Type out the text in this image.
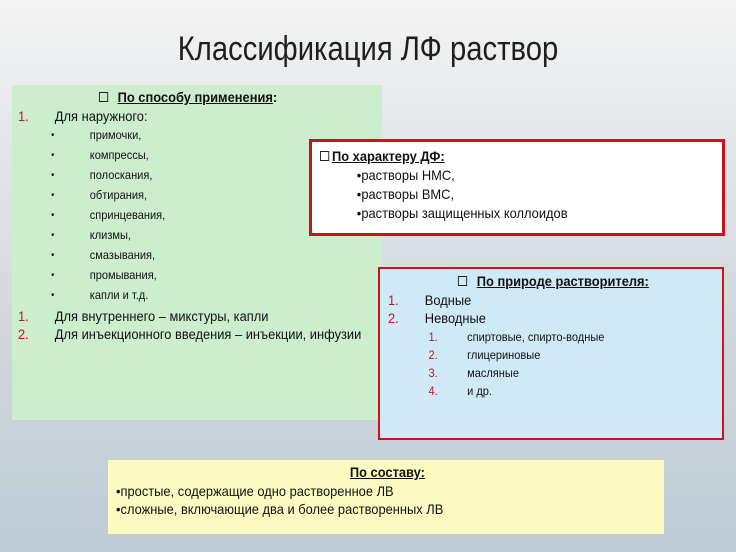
Классификация ЛФ раствор
По способу применения:
1.	Для наружного:
•	примочки,
•	компрессы,
•	полоскания,
•	обтирания,
•	спринцевания,
•	клизмы,
•	смазывания,
•	промывания,
•	капли и т.д.
1.	Для внутреннего – микстуры, капли
2.	Для инъекционного введения – инъекции, инфузии
По характеру ДФ:
•растворы НМС,
•растворы ВМС,
•растворы защищенных коллоидов
По природе растворителя:
1.	Водные
2.	Неводные
1.	спиртовые, спирто-водные
2.	глицериновые
3.	масляные
4.	и др.
По составу:
•простые, содержащие одно растворенное ЛВ
•сложные, включающие два и более растворенных ЛВ
